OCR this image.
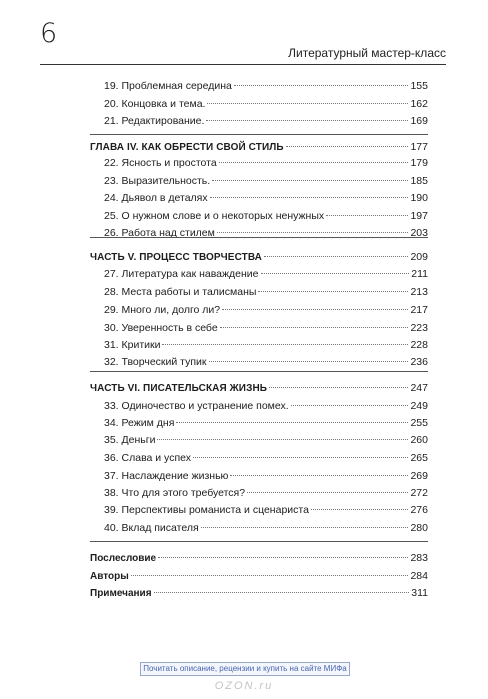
6
Литературный мастер-класс
19. Проблемная середина	155
20. Концовка и тема.	162
21. Редактирование.	169
ГЛАВА IV. КАК ОБРЕСТИ СВОЙ СТИЛЬ	177
22. Ясность и простота	179
23. Выразительность.	185
24. Дьявол в деталях	190
25. О нужном слове и о некоторых ненужных	197
26. Работа над стилем	203
ЧАСТЬ V. ПРОЦЕСС ТВОРЧЕСТВА	209
27. Литература как наваждение	211
28. Места работы и талисманы	213
29. Много ли, долго ли?	217
30. Уверенность в себе	223
31. Критики	228
32. Творческий тупик	236
ЧАСТЬ VI. ПИСАТЕЛЬСКАЯ ЖИЗНЬ	247
33. Одиночество и устранение помех.	249
34. Режим дня	255
35. Деньги	260
36. Слава и успех	265
37. Наслаждение жизнью	269
38. Что для этого требуется?	272
39. Перспективы романиста и сценариста	276
40. Вклад писателя	280
Послесловие	283
Авторы	284
Примечания	311
Почитать описание, рецензии и купить на сайте МИФа
OZON.ru
